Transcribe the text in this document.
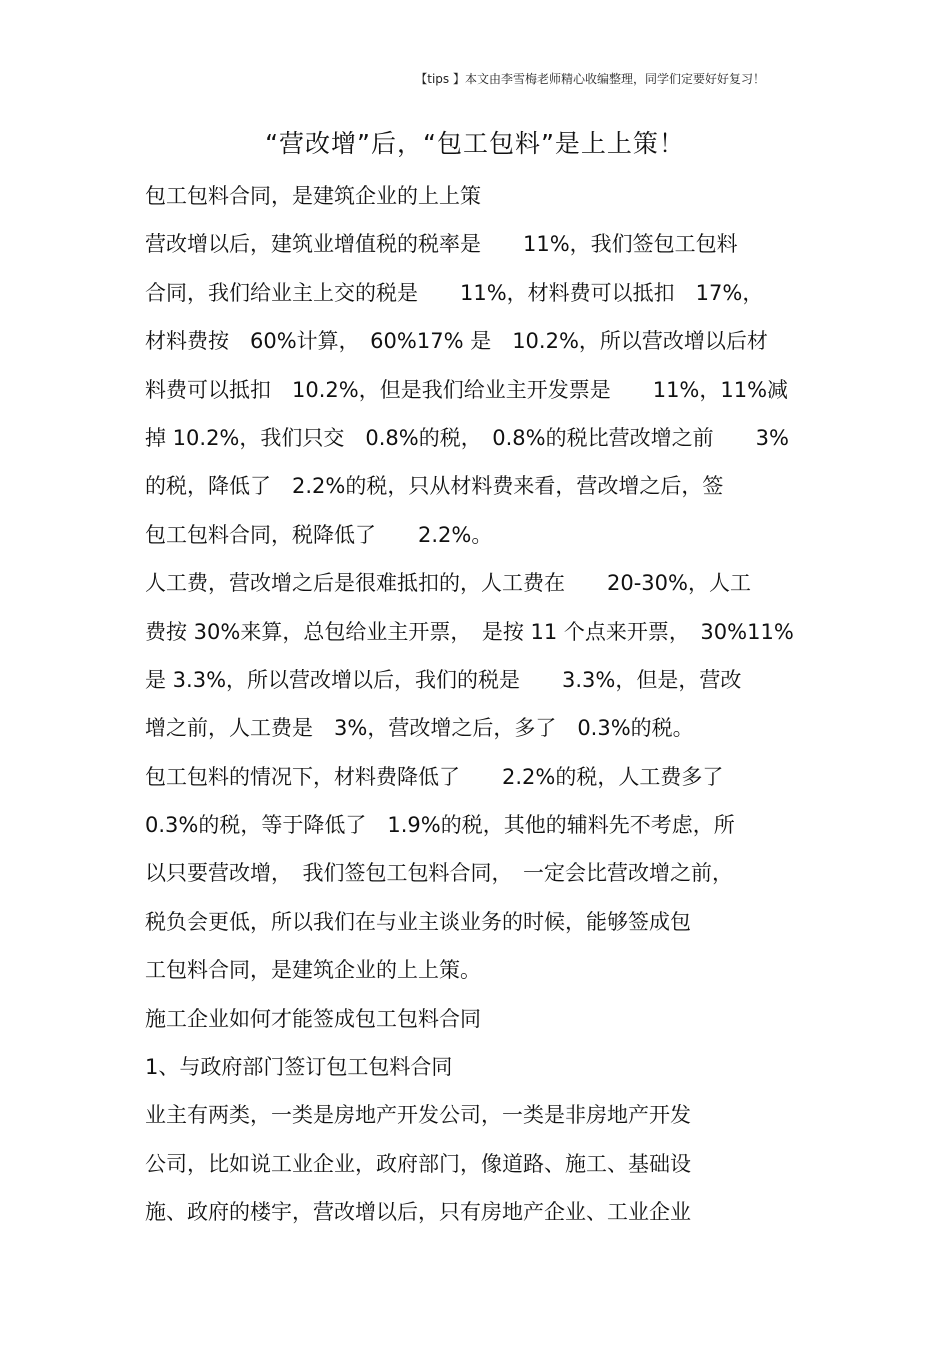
【tips 】本文由李雪梅老师精心收编整理，同学们定要好好复习！
“营改增”后，“包工包料”是上上策！
包工包料合同，是建筑企业的上上策
营改增以后，建筑业增值税的税率是　　11%，我们签包工包料
合同，我们给业主上交的税是　　11%，材料费可以抵扣　17%，
材料费按　60%计算，　60%17% 是　10.2%，所以营改增以后材
料费可以抵扣　10.2%，但是我们给业主开发票是　　11%，11%减
掉 10.2%，我们只交　0.8%的税，　0.8%的税比营改增之前　　3%
的税，降低了　2.2%的税，只从材料费来看，营改增之后，签
包工包料合同，税降低了　　2.2%。
人工费，营改增之后是很难抵扣的，人工费在　　20-30%，人工
费按 30%来算，总包给业主开票，　是按 11 个点来开票，　30%11%
是 3.3%，所以营改增以后，我们的税是　　3.3%，但是，营改
增之前，人工费是　3%，营改增之后，多了　0.3%的税。
包工包料的情况下，材料费降低了　　2.2%的税，人工费多了
0.3%的税，等于降低了　1.9%的税，其他的辅料先不考虑，所
以只要营改增，　我们签包工包料合同，　一定会比营改增之前，
税负会更低，所以我们在与业主谈业务的时候，能够签成包
工包料合同，是建筑企业的上上策。
施工企业如何才能签成包工包料合同
1、与政府部门签订包工包料合同
业主有两类，一类是房地产开发公司，一类是非房地产开发
公司，比如说工业企业，政府部门，像道路、施工、基础设
施、政府的楼宇，营改增以后，只有房地产企业、工业企业
